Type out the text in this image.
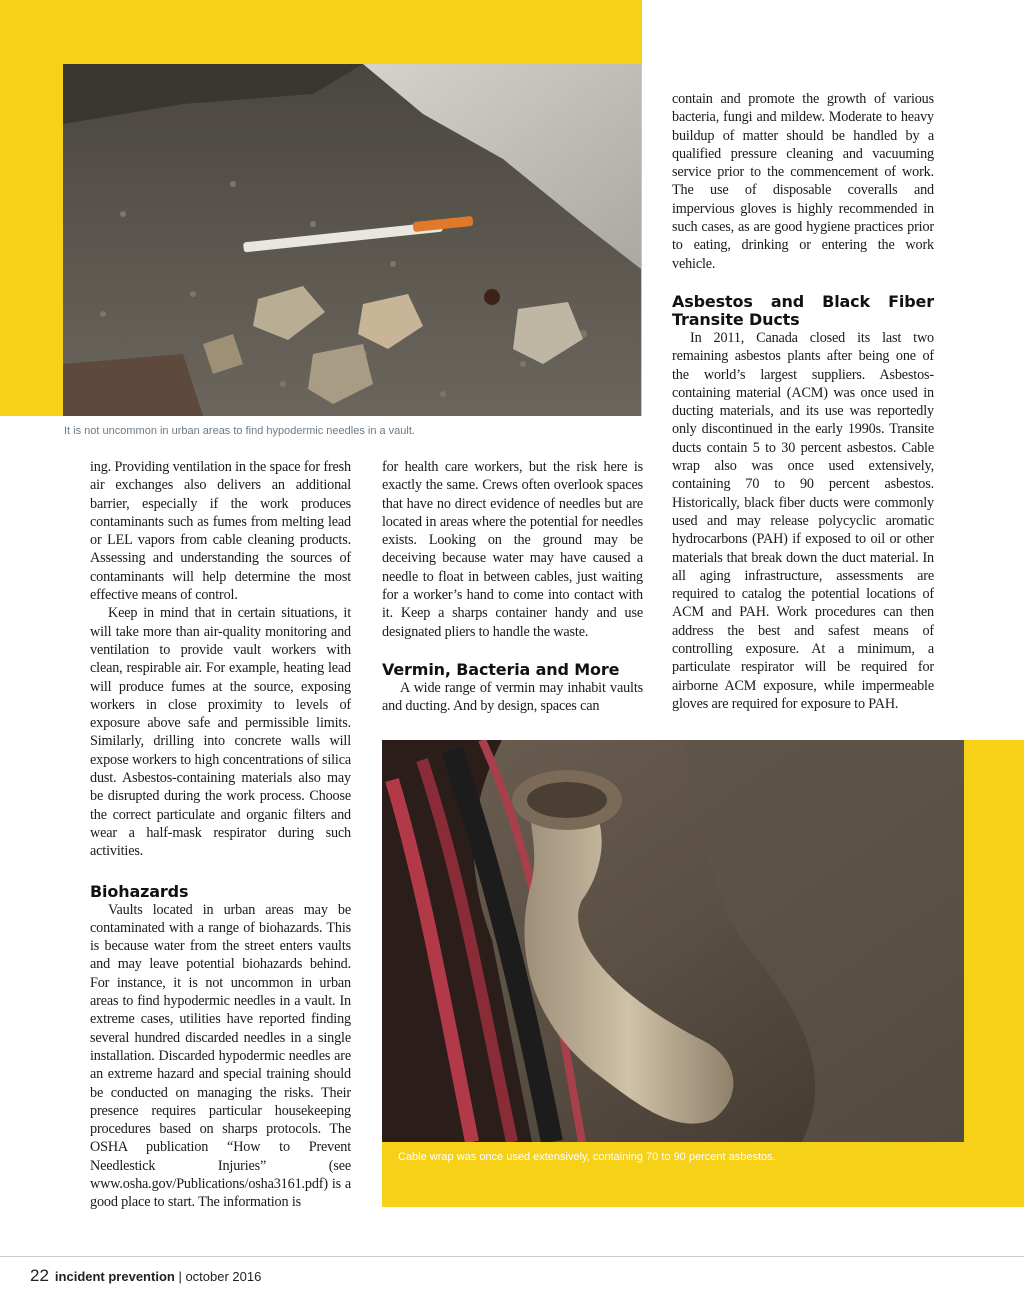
It is not uncommon in urban areas to find hypodermic needles in a vault.

ing. Providing ventilation in the space for fresh air exchanges also delivers an additional barrier, especially if the work produces contaminants such as fumes from melting lead or LEL vapors from cable cleaning products. Assessing and understanding the sources of contaminants will help determine the most effective means of control.

Keep in mind that in certain situations, it will take more than air-quality monitoring and ventilation to provide vault workers with clean, respirable air. For example, heating lead will produce fumes at the source, exposing workers in close proximity to levels of exposure above safe and permissible limits. Similarly, drilling into concrete walls will expose workers to high concentrations of silica dust. Asbestos-containing materials also may be disrupted during the work process. Choose the correct particulate and organic filters and wear a half-mask respirator during such activities.

Biohazards

Vaults located in urban areas may be contaminated with a range of biohazards. This is because water from the street enters vaults and may leave potential biohazards behind. For instance, it is not uncommon in urban areas to find hypodermic needles in a vault. In extreme cases, utilities have reported finding several hundred discarded needles in a single installation. Discarded hypodermic needles are an extreme hazard and special training should be conducted on managing the risks. Their presence requires particular housekeeping procedures based on sharps protocols. The OSHA publication “How to Prevent Needlestick Injuries” (see www.osha.gov/Publications/osha3161.pdf) is a good place to start. The information is

for health care workers, but the risk here is exactly the same. Crews often overlook spaces that have no direct evidence of needles but are located in areas where the potential for needles exists. Looking on the ground may be deceiving because water may have caused a needle to float in between cables, just waiting for a worker’s hand to come into contact with it. Keep a sharps container handy and use designated pliers to handle the waste.

Vermin, Bacteria and More

A wide range of vermin may inhabit vaults and ducting. And by design, spaces can

contain and promote the growth of various bacteria, fungi and mildew. Moderate to heavy buildup of matter should be handled by a qualified pressure cleaning and vacuuming service prior to the commencement of work. The use of disposable coveralls and impervious gloves is highly recommended in such cases, as are good hygiene practices prior to eating, drinking or entering the work vehicle.

Asbestos and Black Fiber Transite Ducts

In 2011, Canada closed its last two remaining asbestos plants after being one of the world’s largest suppliers. Asbestos-containing material (ACM) was once used in ducting materials, and its use was reportedly only discontinued in the early 1990s. Transite ducts contain 5 to 30 percent asbestos. Cable wrap also was once used extensively, containing 70 to 90 percent asbestos. Historically, black fiber ducts were commonly used and may release polycyclic aromatic hydrocarbons (PAH) if exposed to oil or other materials that break down the duct material. In all aging infrastructure, assessments are required to catalog the potential locations of ACM and PAH. Work procedures can then address the best and safest means of controlling exposure. At a minimum, a particulate respirator will be required for airborne ACM exposure, while impermeable gloves are required for exposure to PAH.

Cable wrap was once used extensively, containing 70 to 90 percent asbestos.
22 incident prevention | october 2016
